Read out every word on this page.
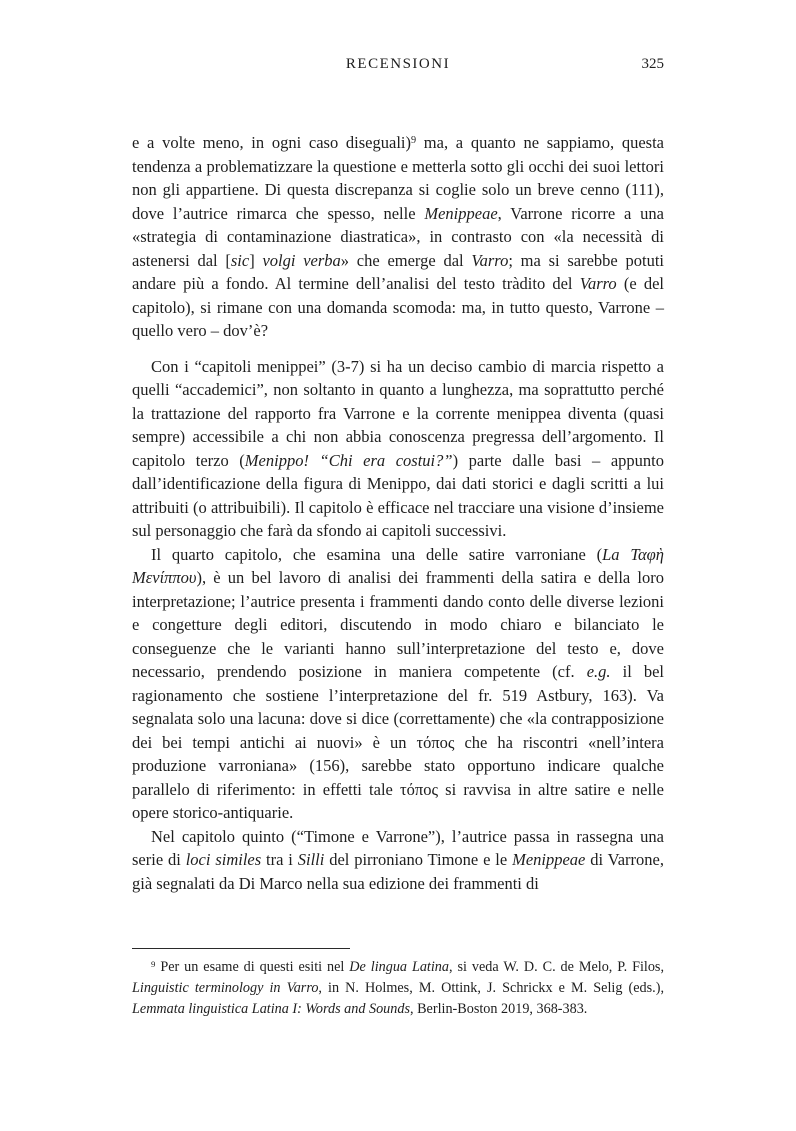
RECENSIONI	325

e a volte meno, in ogni caso diseguali)$^9$ ma, a quanto ne sappiamo, questa tendenza a problematizzare la questione e metterla sotto gli occhi dei suoi lettori non gli appartiene. Di questa discrepanza si coglie solo un breve cenno (111), dove l’autrice rimarca che spesso, nelle Menippeae, Varrone ricorre a una «strategia di contaminazione diastratica», in contrasto con «la necessità di astenersi dal [sic] volgi verba» che emerge dal Varro; ma si sarebbe potuti andare più a fondo. Al termine dell’analisi del testo tràdito del Varro (e del capitolo), si rimane con una domanda scomoda: ma, in tutto questo, Varrone – quello vero – dov’è?

Con i “capitoli menippei” (3-7) si ha un deciso cambio di marcia rispetto a quelli “accademici”, non soltanto in quanto a lunghezza, ma soprattutto perché la trattazione del rapporto fra Varrone e la corrente menippea diventa (quasi sempre) accessibile a chi non abbia conoscenza pregressa dell’argomento. Il capitolo terzo (Menippo! “Chi era costui?”) parte dalle basi – appunto dall’identificazione della figura di Menippo, dai dati storici e dagli scritti a lui attribuiti (o attribuibili). Il capitolo è efficace nel tracciare una visione d’insieme sul personaggio che farà da sfondo ai capitoli successivi.

Il quarto capitolo, che esamina una delle satire varroniane (La Ταφὴ Μενίππου), è un bel lavoro di analisi dei frammenti della satira e della loro interpretazione; l’autrice presenta i frammenti dando conto delle diverse lezioni e congetture degli editori, discutendo in modo chiaro e bilanciato le conseguenze che le varianti hanno sull’interpretazione del testo e, dove necessario, prendendo posizione in maniera competente (cf. e.g. il bel ragionamento che sostiene l’interpretazione del fr. 519 Astbury, 163). Va segnalata solo una lacuna: dove si dice (correttamente) che «la contrapposizione dei bei tempi antichi ai nuovi» è un τόπος che ha riscontri «nell’intera produzione varroniana» (156), sarebbe stato opportuno indicare qualche parallelo di riferimento: in effetti tale τόπος si ravvisa in altre satire e nelle opere storico-antiquarie.

Nel capitolo quinto (“Timone e Varrone”), l’autrice passa in rassegna una serie di loci similes tra i Silli del pirroniano Timone e le Menippeae di Varrone, già segnalati da Di Marco nella sua edizione dei frammenti di

$^9$ Per un esame di questi esiti nel De lingua Latina, si veda W. D. C. de Melo, P. Filos, Linguistic terminology in Varro, in N. Holmes, M. Ottink, J. Schrickx e M. Selig (eds.), Lemmata linguistica Latina I: Words and Sounds, Berlin-Boston 2019, 368-383.
